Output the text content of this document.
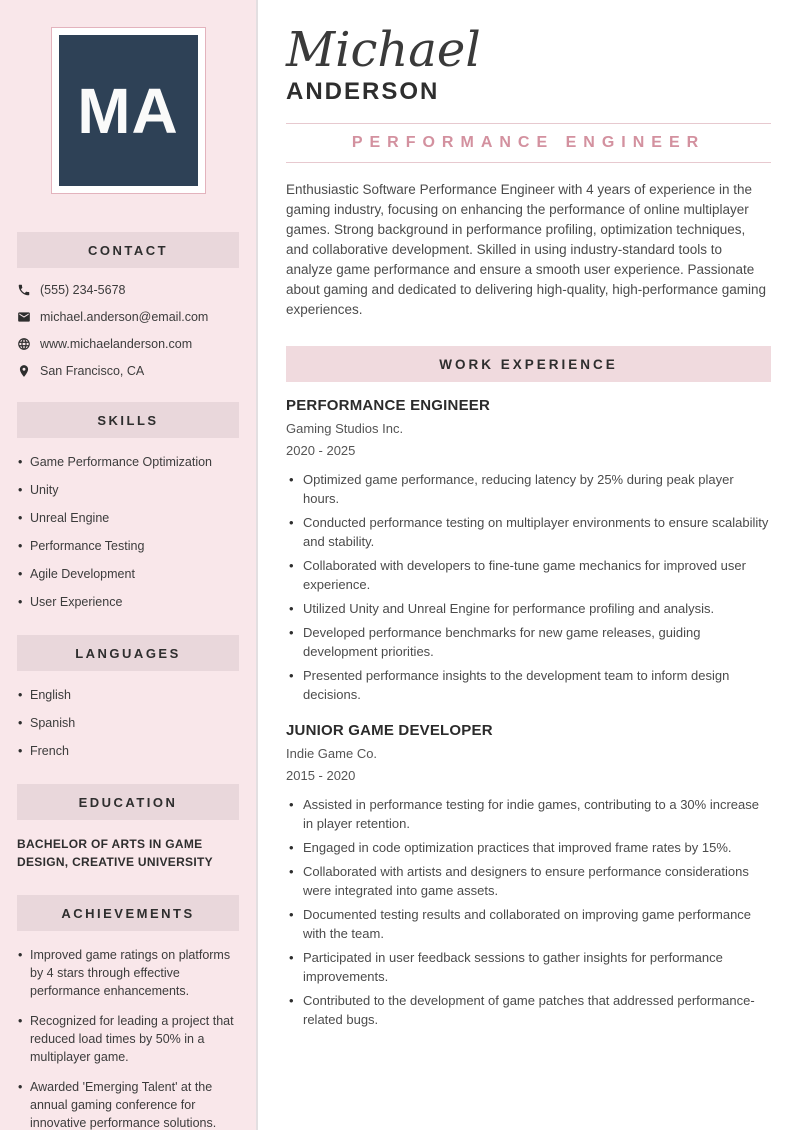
MA
CONTACT
(555) 234-5678
michael.anderson@email.com
www.michaelanderson.com
San Francisco, CA
SKILLS
• Game Performance Optimization
• Unity
• Unreal Engine
• Performance Testing
• Agile Development
• User Experience
LANGUAGES
• English
• Spanish
• French
EDUCATION
BACHELOR OF ARTS IN GAME DESIGN, CREATIVE UNIVERSITY
ACHIEVEMENTS
• Improved game ratings on platforms by 4 stars through effective performance enhancements.
• Recognized for leading a project that reduced load times by 50% in a multiplayer game.
• Awarded 'Emerging Talent' at the annual gaming conference for innovative performance solutions.
Michael
ANDERSON
PERFORMANCE ENGINEER

Enthusiastic Software Performance Engineer with 4 years of experience in the gaming industry, focusing on enhancing the performance of online multiplayer games. Strong background in performance profiling, optimization techniques, and collaborative development. Skilled in using industry-standard tools to analyze game performance and ensure a smooth user experience. Passionate about gaming and dedicated to delivering high-quality, high-performance gaming experiences.

WORK EXPERIENCE
PERFORMANCE ENGINEER
Gaming Studios Inc.
2020 - 2025
• Optimized game performance, reducing latency by 25% during peak player hours.
• Conducted performance testing on multiplayer environments to ensure scalability and stability.
• Collaborated with developers to fine-tune game mechanics for improved user experience.
• Utilized Unity and Unreal Engine for performance profiling and analysis.
• Developed performance benchmarks for new game releases, guiding development priorities.
• Presented performance insights to the development team to inform design decisions.
JUNIOR GAME DEVELOPER
Indie Game Co.
2015 - 2020
• Assisted in performance testing for indie games, contributing to a 30% increase in player retention.
• Engaged in code optimization practices that improved frame rates by 15%.
• Collaborated with artists and designers to ensure performance considerations were integrated into game assets.
• Documented testing results and collaborated on improving game performance with the team.
• Participated in user feedback sessions to gather insights for performance improvements.
• Contributed to the development of game patches that addressed performance-related bugs.
